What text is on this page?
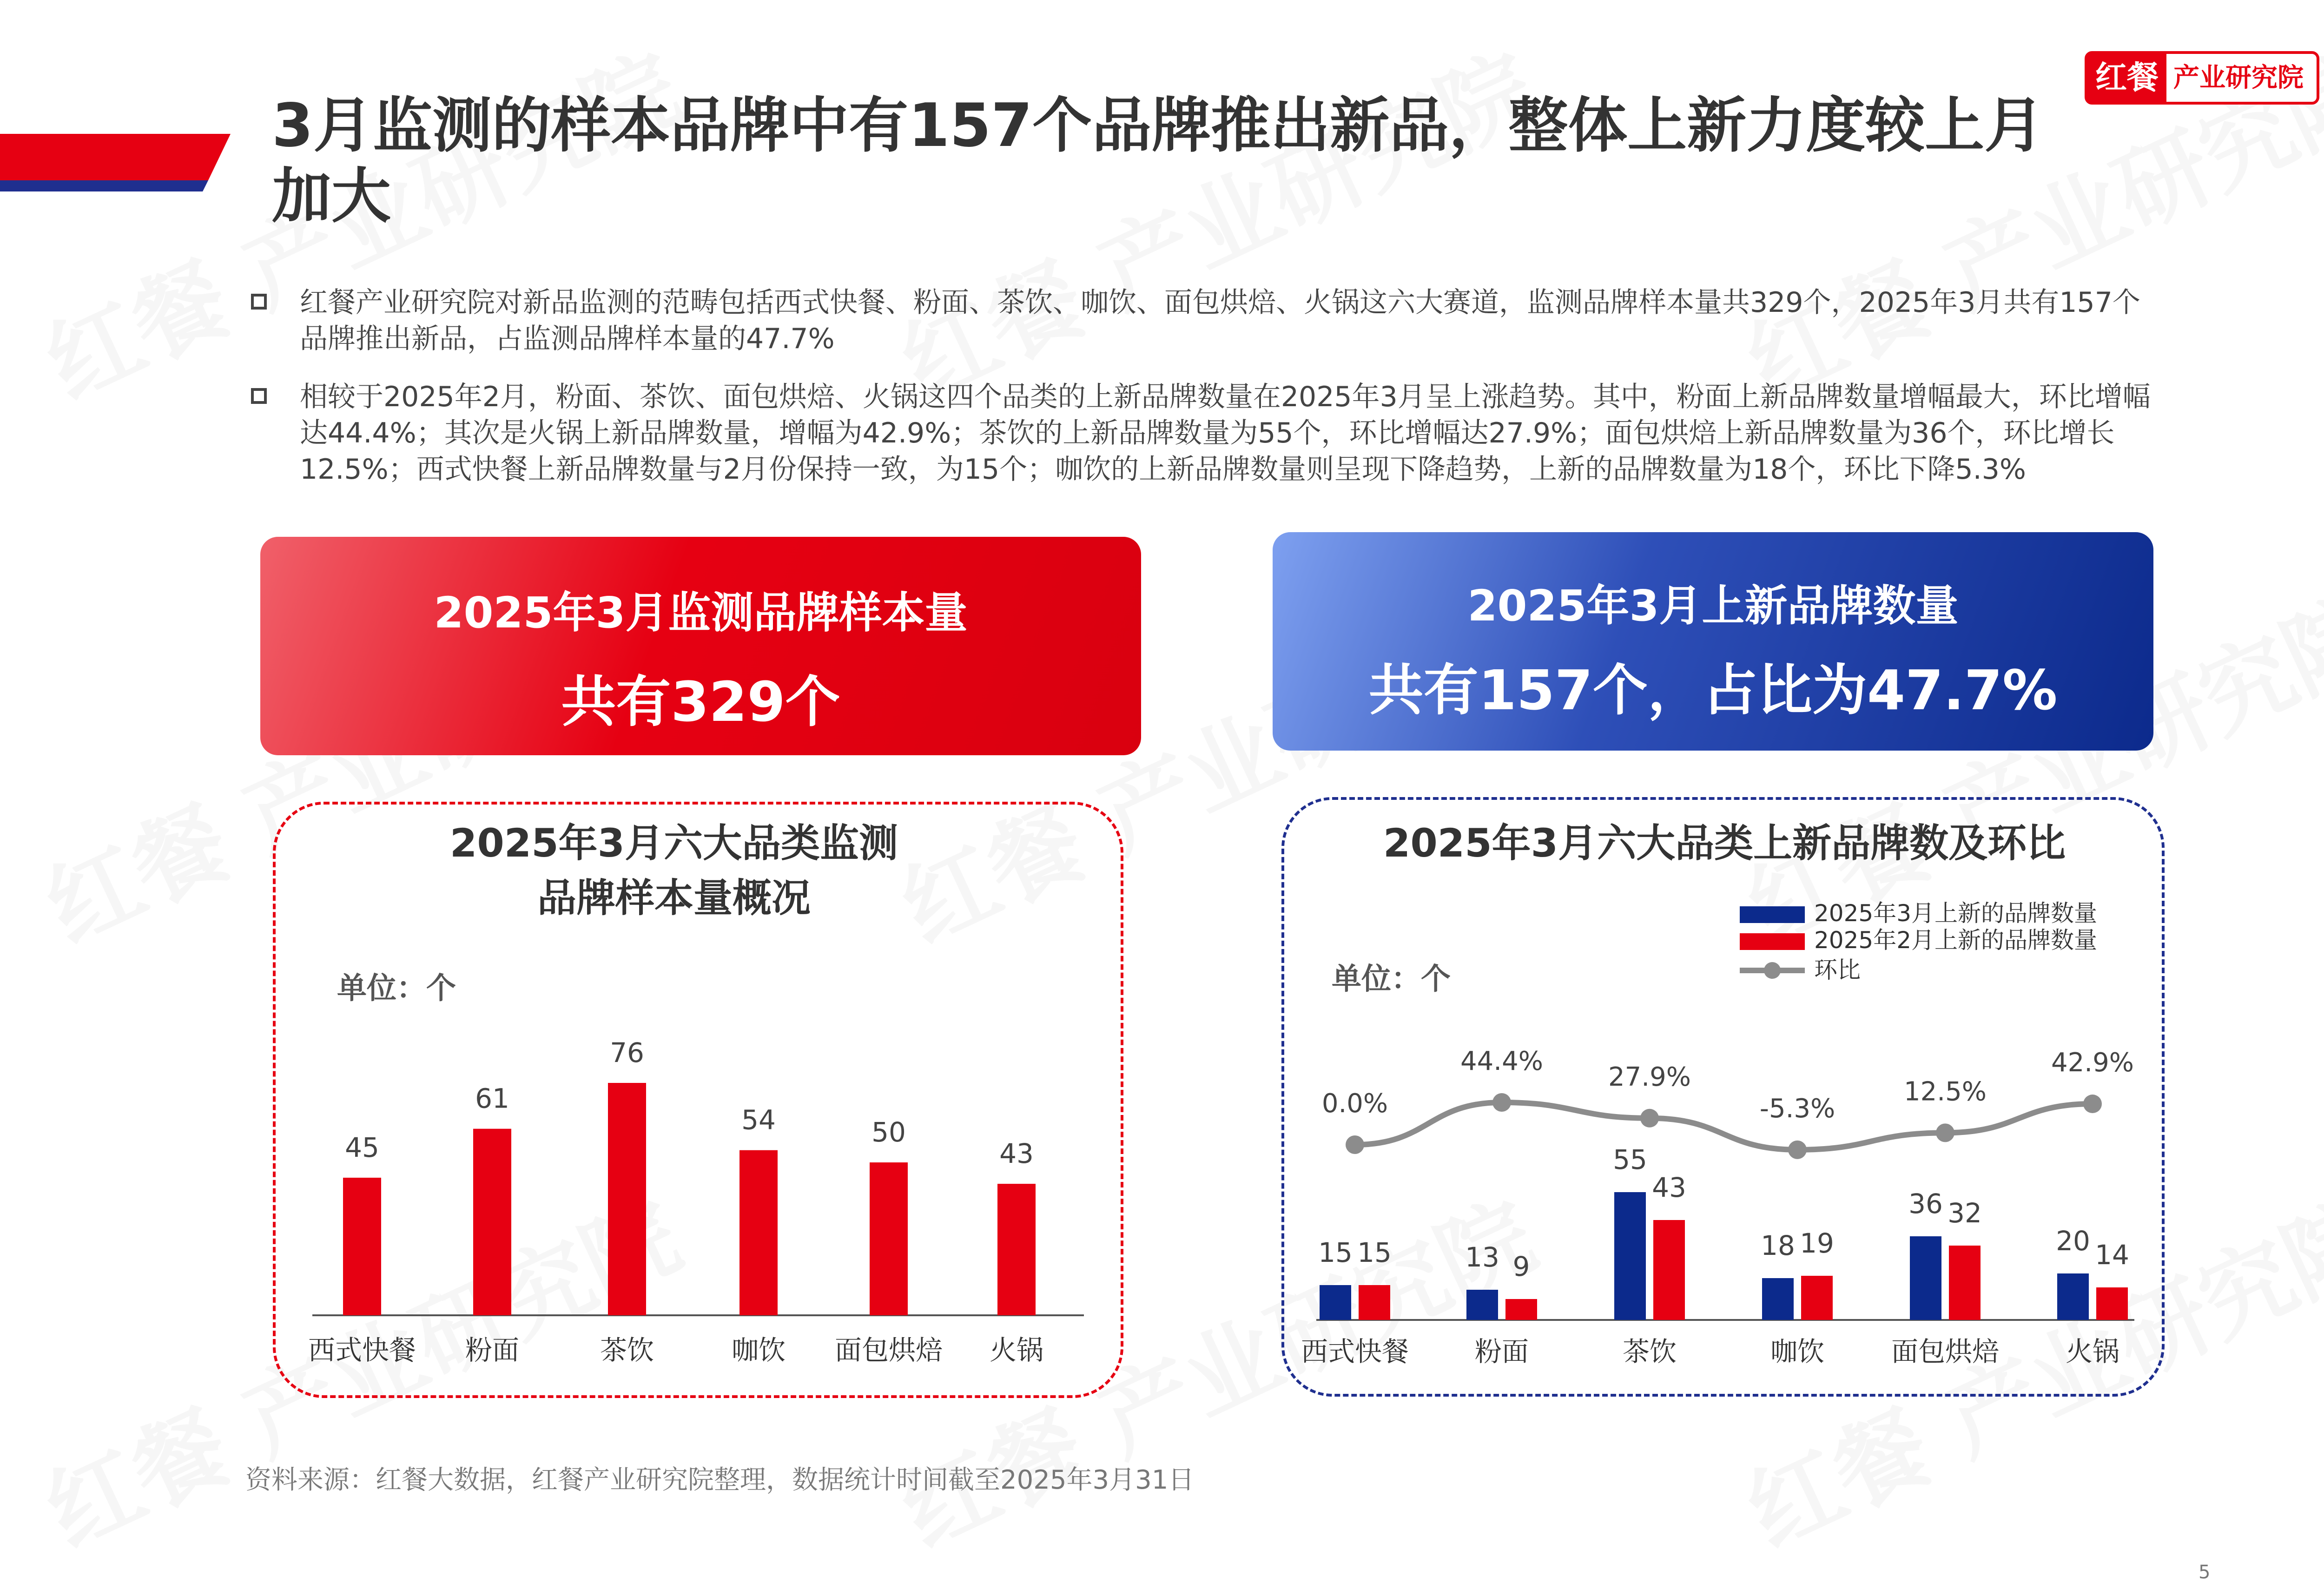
红餐 产业研究院
3月监测的样本品牌中有157个品牌推出新品，整体上新力度较上月加大
红餐产业研究院对新品监测的范畴包括西式快餐、粉面、茶饮、咖饮、面包烘焙、火锅这六大赛道，监测品牌样本量共329个，2025年3月共有157个品牌推出新品，占监测品牌样本量的47.7%
相较于2025年2月，粉面、茶饮、面包烘焙、火锅这四个品类的上新品牌数量在2025年3月呈上涨趋势。其中，粉面上新品牌数量增幅最大，环比增幅达44.4%；其次是火锅上新品牌数量，增幅为42.9%；茶饮的上新品牌数量为55个，环比增幅达27.9%；面包烘焙上新品牌数量为36个，环比增长12.5%；西式快餐上新品牌数量与2月份保持一致，为15个；咖饮的上新品牌数量则呈现下降趋势，上新的品牌数量为18个，环比下降5.3%
2025年3月监测品牌样本量
共有329个
2025年3月上新品牌数量
共有157个，占比为47.7%
2025年3月六大品类监测品牌样本量概况
单位：个
45
西式快餐
61
粉面
76
茶饮
54
咖饮
50
面包烘焙
43
火锅
2025年3月六大品类上新品牌数及环比
单位：个
2025年3月上新的品牌数量
2025年2月上新的品牌数量
环比
15 15
西式快餐
13 9
粉面
55
43
茶饮
18 19
咖饮
36 32
面包烘焙
20 14
火锅
0.0%
44.4%
27.9%
-5.3%
12.5%
42.9%
资料来源：红餐大数据，红餐产业研究院整理，数据统计时间截至2025年3月31日
5
